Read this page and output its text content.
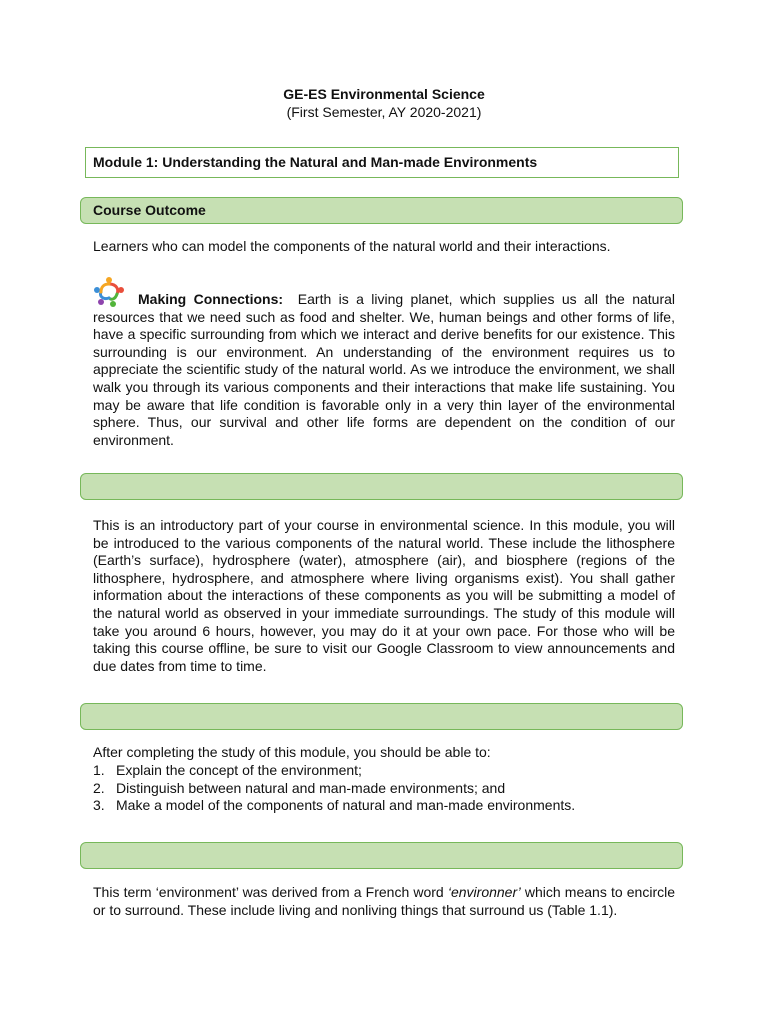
GE-ES Environmental Science
(First Semester, AY 2020-2021)
Module 1: Understanding the Natural and Man-made Environments
Course Outcome
Learners who can model the components of the natural world and their interactions.

Making Connections: Earth is a living planet, which supplies us all the natural resources that we need such as food and shelter. We, human beings and other forms of life, have a specific surrounding from which we interact and derive benefits for our existence. This surrounding is our environment. An understanding of the environment requires us to appreciate the scientific study of the natural world. As we introduce the environment, we shall walk you through its various components and their interactions that make life sustaining. You may be aware that life condition is favorable only in a very thin layer of the environmental sphere. Thus, our survival and other life forms are dependent on the condition of our environment.

This is an introductory part of your course in environmental science. In this module, you will be introduced to the various components of the natural world. These include the lithosphere (Earth’s surface), hydrosphere (water), atmosphere (air), and biosphere (regions of the lithosphere, hydrosphere, and atmosphere where living organisms exist). You shall gather information about the interactions of these components as you will be submitting a model of the natural world as observed in your immediate surroundings. The study of this module will take you around 6 hours, however, you may do it at your own pace. For those who will be taking this course offline, be sure to visit our Google Classroom to view announcements and due dates from time to time.
After completing the study of this module, you should be able to:
1. Explain the concept of the environment;
2. Distinguish between natural and man-made environments; and
3. Make a model of the components of natural and man-made environments.

This term ‘environment’ was derived from a French word ‘environner’ which means to encircle or to surround. These include living and nonliving things that surround us (Table 1.1).
